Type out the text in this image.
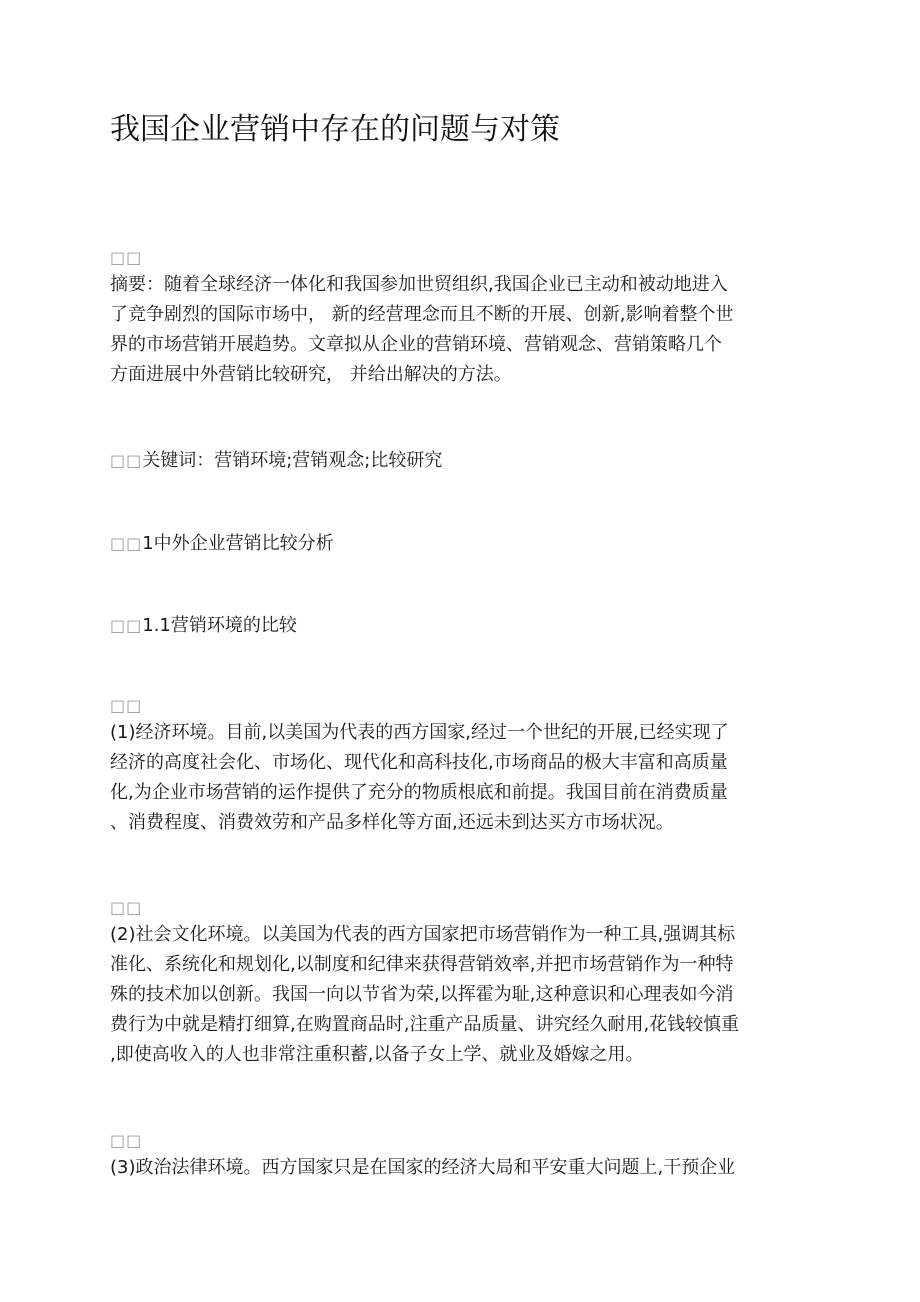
我国企业营销中存在的问题与对策
□□

摘要：随着全球经济一体化和我国参加世贸组织,我国企业已主动和被动地进入

了竞争剧烈的国际市场中， 新的经营理念而且不断的开展、创新,影响着整个世

界的市场营销开展趋势。文章拟从企业的营销环境、营销观念、营销策略几个

方面进展中外营销比较研究， 并给出解决的方法。

□□关键词：营销环境;营销观念;比较研究

□□1中外企业营销比较分析

□□1.1营销环境的比较

□□

(1)经济环境。目前,以美国为代表的西方国家,经过一个世纪的开展,已经实现了

经济的高度社会化、市场化、现代化和高科技化,市场商品的极大丰富和高质量

化,为企业市场营销的运作提供了充分的物质根底和前提。我国目前在消费质量

、消费程度、消费效劳和产品多样化等方面,还远未到达买方市场状况。

□□

(2)社会文化环境。以美国为代表的西方国家把市场营销作为一种工具,强调其标

准化、系统化和规划化,以制度和纪律来获得营销效率,并把市场营销作为一种特

殊的技术加以创新。我国一向以节省为荣,以挥霍为耻,这种意识和心理表如今消

费行为中就是精打细算,在购置商品时,注重产品质量、讲究经久耐用,花钱较慎重

,即使高收入的人也非常注重积蓄,以备子女上学、就业及婚嫁之用。

□□

(3)政治法律环境。西方国家只是在国家的经济大局和平安重大问题上,干预企业
